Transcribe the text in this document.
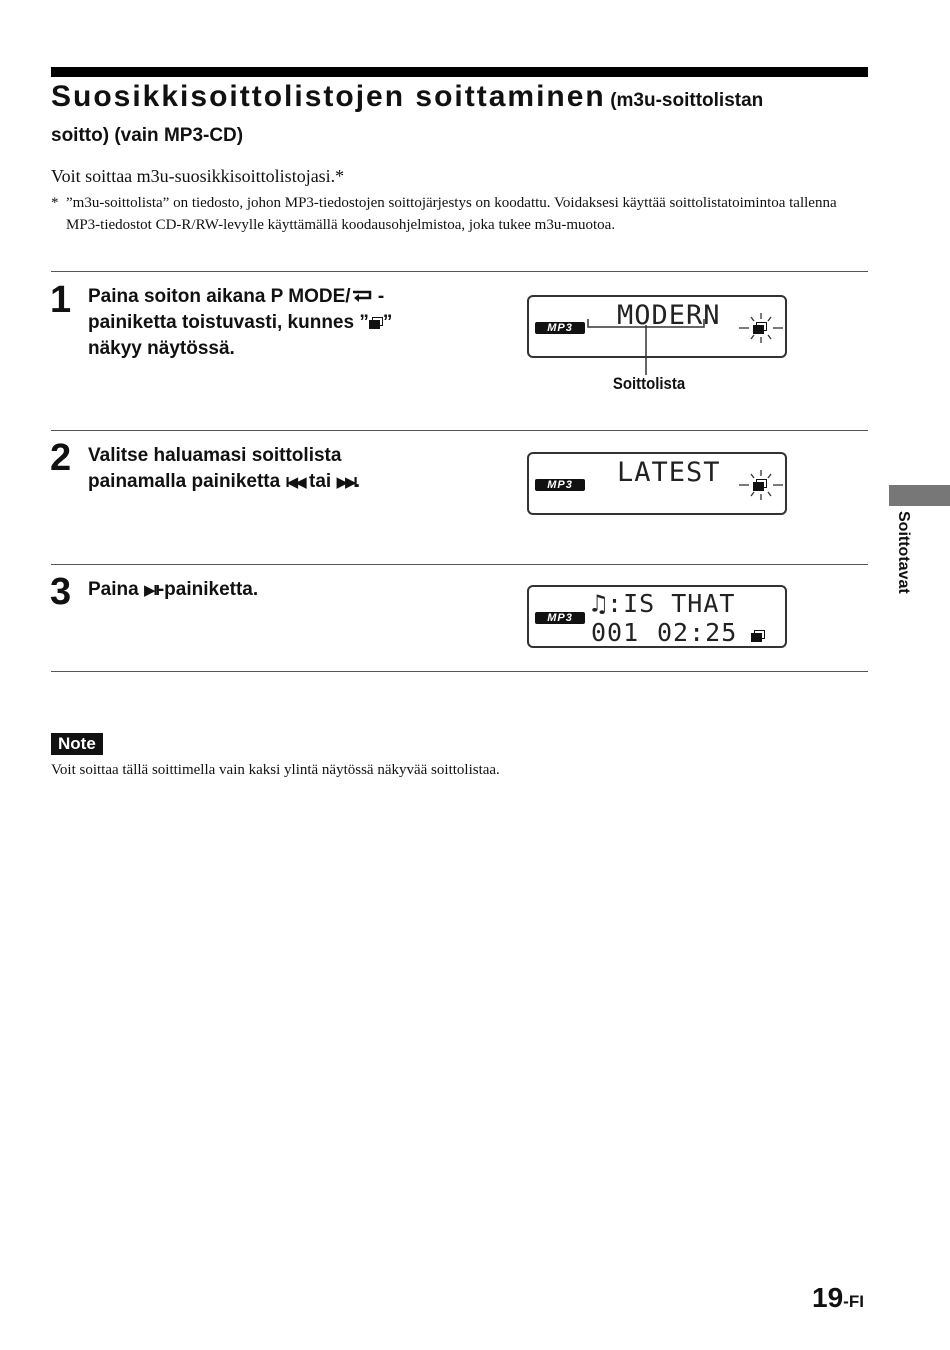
Suosikkisoittolistojen soittaminen (m3u-soittolistan
soitto) (vain MP3-CD)
Voit soittaa m3u-suosikkisoittolistojasi.*
* ”m3u-soittolista” on tiedosto, johon MP3-tiedostojen soittojärjestys on koodattu. Voidaksesi käyttää soittolistatoimintoa tallenna MP3-tiedostot CD-R/RW-levylle käyttämällä koodausohjelmistoa, joka tukee m3u-muotoa.
1 Paina soiton aikana P MODE/ -
painiketta toistuvasti, kunnes ” ”
näkyy näytössä.
MP3	MODERN
Soittolista
2 Valitse haluamasi soittolista
painamalla painiketta I◀◀ tai ▶▶I.	MP3	LATEST
3 Paina ▶II-painiketta.
MP3 ♫:IS THAT
001 02:25
Soittotavat
Note
Voit soittaa tällä soittimella vain kaksi ylintä näytössä näkyvää soittolistaa.
19-FI
